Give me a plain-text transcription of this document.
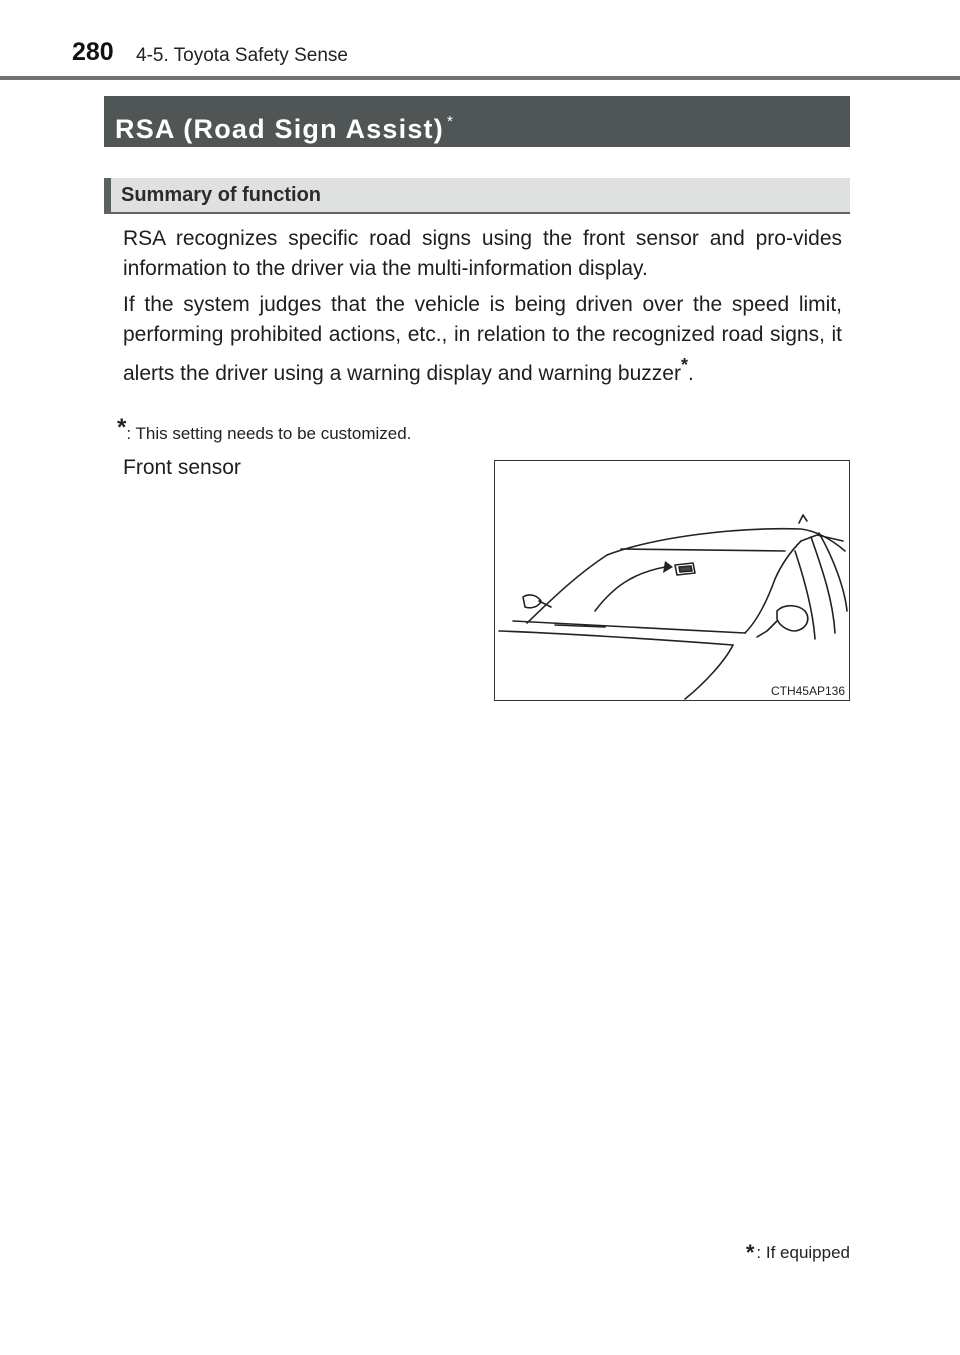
280 4-5. Toyota Safety Sense
RSA (Road Sign Assist) *
Summary of function

RSA recognizes specific road signs using the front sensor and pro-vides information to the driver via the multi-information display.

If the system judges that the vehicle is being driven over the speed limit, performing prohibited actions, etc., in relation to the recognized road signs, it alerts the driver using a warning display and warning buzzer*.

*: This setting needs to be customized.
Front sensor
CTH45AP136
* : If equipped
